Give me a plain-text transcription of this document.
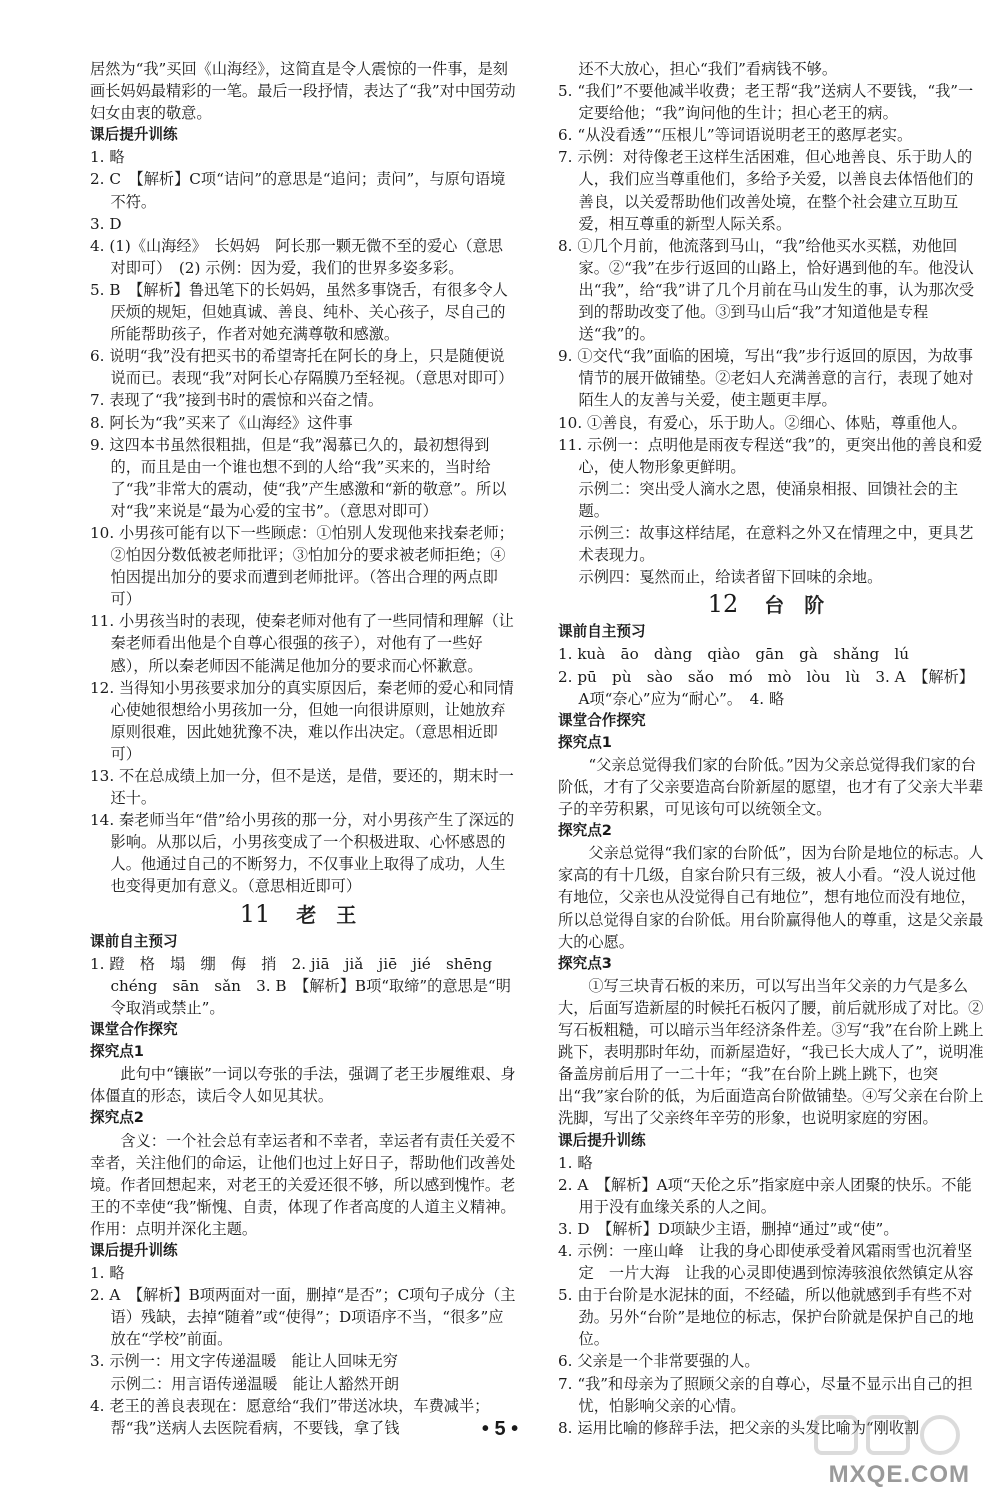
居然为“我”买回《山海经》，这简直是令人震惊的一件事，是刻画长妈妈最精彩的一笔。最后一段抒情，表达了“我”对中国劳动妇女由衷的敬意。

课后提升训练

1. 略

2. C　【解析】C项“诘问”的意思是“追问；责问”，与原句语境不符。

3. D

4. (1)《山海经》　长妈妈　阿长那一颗无微不至的爱心（意思对即可）　(2) 示例：因为爱，我们的世界多姿多彩。

5. B　【解析】鲁迅笔下的长妈妈，虽然多事饶舌，有很多令人厌烦的规矩，但她真诚、善良、纯朴、关心孩子，尽自己的所能帮助孩子，作者对她充满尊敬和感激。

6. 说明“我”没有把买书的希望寄托在阿长的身上，只是随便说说而已。表现“我”对阿长心存隔膜乃至轻视。（意思对即可）

7. 表现了“我”接到书时的震惊和兴奋之情。

8. 阿长为“我”买来了《山海经》这件事

9. 这四本书虽然很粗拙，但是“我”渴慕已久的，最初想得到的，而且是由一个谁也想不到的人给“我”买来的，当时给了“我”非常大的震动，使“我”产生感激和“新的敬意”。所以对“我”来说是“最为心爱的宝书”。（意思对即可）

10. 小男孩可能有以下一些顾虑：①怕别人发现他来找秦老师；②怕因分数低被老师批评；③怕加分的要求被老师拒绝；④怕因提出加分的要求而遭到老师批评。（答出合理的两点即可）

11. 小男孩当时的表现，使秦老师对他有了一些同情和理解（让秦老师看出他是个自尊心很强的孩子），对他有了一些好感），所以秦老师因不能满足他加分的要求而心怀歉意。

12. 当得知小男孩要求加分的真实原因后，秦老师的爱心和同情心使她很想给小男孩加一分，但她一向很讲原则，让她放弃原则很难，因此她犹豫不决，难以作出决定。（意思相近即可）

13. 不在总成绩上加一分，但不是送，是借，要还的，期末时一还十。

14. 秦老师当年“借”给小男孩的那一分，对小男孩产生了深远的影响。从那以后，小男孩变成了一个积极进取、心怀感恩的人。他通过自己的不断努力，不仅事业上取得了成功，人生也变得更加有意义。（意思相近即可）

11 老 王

课前自主预习

1. 蹬　格　塌　绷　侮　捎　2. jiā　jiǎ　jiē　jié　shēng　chéng　sān　sǎn　3. B　【解析】B项“取缔”的意思是“明令取消或禁止”。

课堂合作探究

探究点1

此句中“镶嵌”一词以夸张的手法，强调了老王步履维艰、身体僵直的形态，读后令人如见其状。

探究点2

含义：一个社会总有幸运者和不幸者，幸运者有责任关爱不幸者，关注他们的命运，让他们也过上好日子，帮助他们改善处境。作者回想起来，对老王的关爱还很不够，所以感到愧怍。老王的不幸使“我”惭愧、自责，体现了作者高度的人道主义精神。作用：点明并深化主题。

课后提升训练

1. 略

2. A　【解析】B项两面对一面，删掉“是否”；C项句子成分（主语）残缺，去掉“随着”或“使得”；D项语序不当，“很多”应放在“学校”前面。

3. 示例一：用文字传递温暖　能让人回味无穷

示例二：用言语传递温暖　能让人豁然开朗

4. 老王的善良表现在：愿意给“我们”带送冰块，车费减半；帮“我”送病人去医院看病，不要钱，拿了钱

还不大放心，担心“我们”看病钱不够。

5. “我们”不要他减半收费；老王帮“我”送病人不要钱，“我”一定要给他；“我”询问他的生计；担心老王的病。

6. “从没看透”“压根儿”等词语说明老王的憨厚老实。

7. 示例：对待像老王这样生活困难，但心地善良、乐于助人的人，我们应当尊重他们，多给予关爱，以善良去体悟他们的善良，以关爱帮助他们改善处境，在整个社会建立互助互爱，相互尊重的新型人际关系。

8. ①几个月前，他流落到马山，“我”给他买水买糕，劝他回家。②“我”在步行返回的山路上，恰好遇到他的车。他没认出“我”，给“我”讲了几个月前在马山发生的事，认为那次受到的帮助改变了他。③到马山后“我”才知道他是专程送“我”的。

9. ①交代“我”面临的困境，写出“我”步行返回的原因，为故事情节的展开做铺垫。②老妇人充满善意的言行，表现了她对陌生人的友善与关爱，使主题更丰厚。

10. ①善良，有爱心，乐于助人。②细心、体贴，尊重他人。

11. 示例一：点明他是雨夜专程送“我”的，更突出他的善良和爱心，使人物形象更鲜明。

示例二：突出受人滴水之恩，使涌泉相报、回馈社会的主题。

示例三：故事这样结尾，在意料之外又在情理之中，更具艺术表现力。

示例四：戛然而止，给读者留下回味的余地。

12 台 阶

课前自主预习

1. kuà　āo　dàng　qiào　gān　gà　shǎng　lú

2. pū　pù　sào　sǎo　mó　mò　lòu　lù　3. A　【解析】A项“奈心”应为“耐心”。　4. 略

课堂合作探究

探究点1

“父亲总觉得我们家的台阶低。”因为父亲总觉得我们家的台阶低，才有了父亲要造高台阶新屋的愿望，也才有了父亲大半辈子的辛劳积累，可见该句可以统领全文。

探究点2

父亲总觉得“我们家的台阶低”，因为台阶是地位的标志。人家高的有十几级，自家台阶只有三级，被人小看。“没人说过他有地位，父亲也从没觉得自己有地位”，想有地位而没有地位，所以总觉得自家的台阶低。用台阶赢得他人的尊重，这是父亲最大的心愿。

探究点3

①写三块青石板的来历，可以写出当年父亲的力气是多么大，后面写造新屋的时候托石板闪了腰，前后就形成了对比。②写石板粗糙，可以暗示当年经济条件差。③写“我”在台阶上跳上跳下，表明那时年幼，而新屋造好，“我已长大成人了”，说明准备盖房前后用了一二十年；“我”在台阶上跳上跳下，也突出“我”家台阶的低，为后面造高台阶做铺垫。④写父亲在台阶上洗脚，写出了父亲终年辛劳的形象，也说明家庭的穷困。

课后提升训练

1. 略

2. A　【解析】A项“天伦之乐”指家庭中亲人团聚的快乐。不能用于没有血缘关系的人之间。

3. D　【解析】D项缺少主语，删掉“通过”或“使”。

4. 示例：一座山峰　让我的身心即使承受着风霜雨雪也沉着坚定　一片大海　让我的心灵即使遇到惊涛骇浪依然镇定从容

5. 由于台阶是水泥抹的面，不经磕，所以他就感到手有些不对劲。另外“台阶”是地位的标志，保护台阶就是保护自己的地位。

6. 父亲是一个非常要强的人。

7. “我”和母亲为了照顾父亲的自尊心，尽量不显示出自己的担忧，怕影响父亲的心情。

8. 运用比喻的修辞手法，把父亲的头发比喻为“刚收割

• 5 •
MXQE.COM
